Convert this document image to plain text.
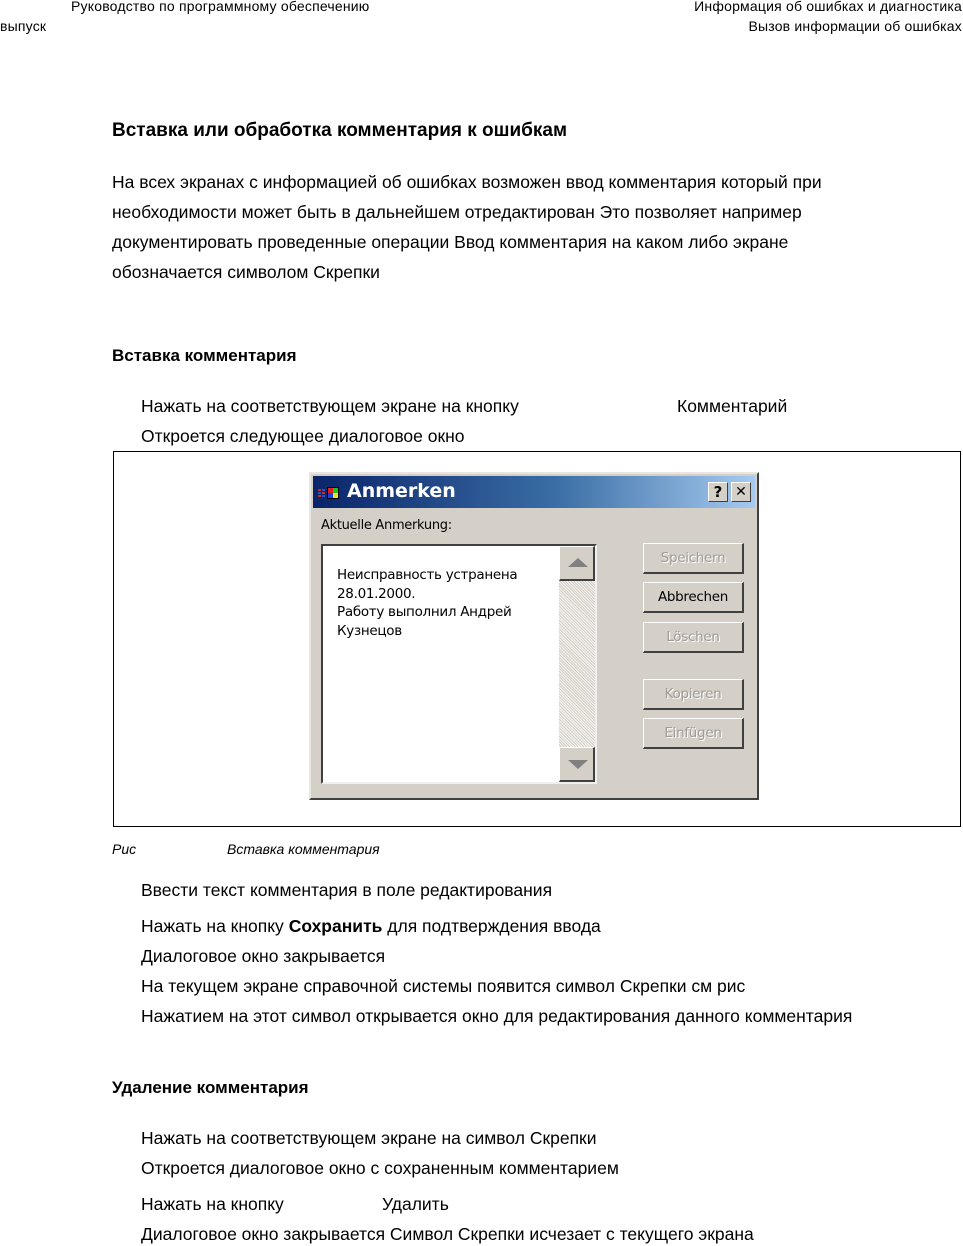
Руководство по программному обеспечению
выпуск
Информация об ошибках и диагностика
Вызов информации об ошибках
Вставка или обработка комментария к ошибкам
На всех экранах с информацией об ошибках возможен ввод комментария который при
необходимости может быть в дальнейшем отредактирован Это позволяет например
документировать проведенные операции Ввод комментария на каком либо экране
обозначается символом Скрепки
Вставка комментария
Нажать на соответствующем экране на кнопку	Комментарий
Откроется следующее диалоговое окно
Anmerken	? ✕
Aktuelle Anmerkung:
Неисправность устранена
28.01.2000.
Работу выполнил Андрей
Кузнецов
Speichern
Abbrechen
Löschen
Kopieren
Einfügen
Рис	Вставка комментария
Ввести текст комментария в поле редактирования
Нажать на кнопку Сохранить для подтверждения ввода
Диалоговое окно закрывается
На текущем экране справочной системы появится символ Скрепки см рис
Нажатием на этот символ открывается окно для редактирования данного комментария
Удаление комментария
Нажать на соответствующем экране на символ Скрепки
Откроется диалоговое окно с сохраненным комментарием
Нажать на кнопку	Удалить
Диалоговое окно закрывается Символ Скрепки исчезает с текущего экрана
